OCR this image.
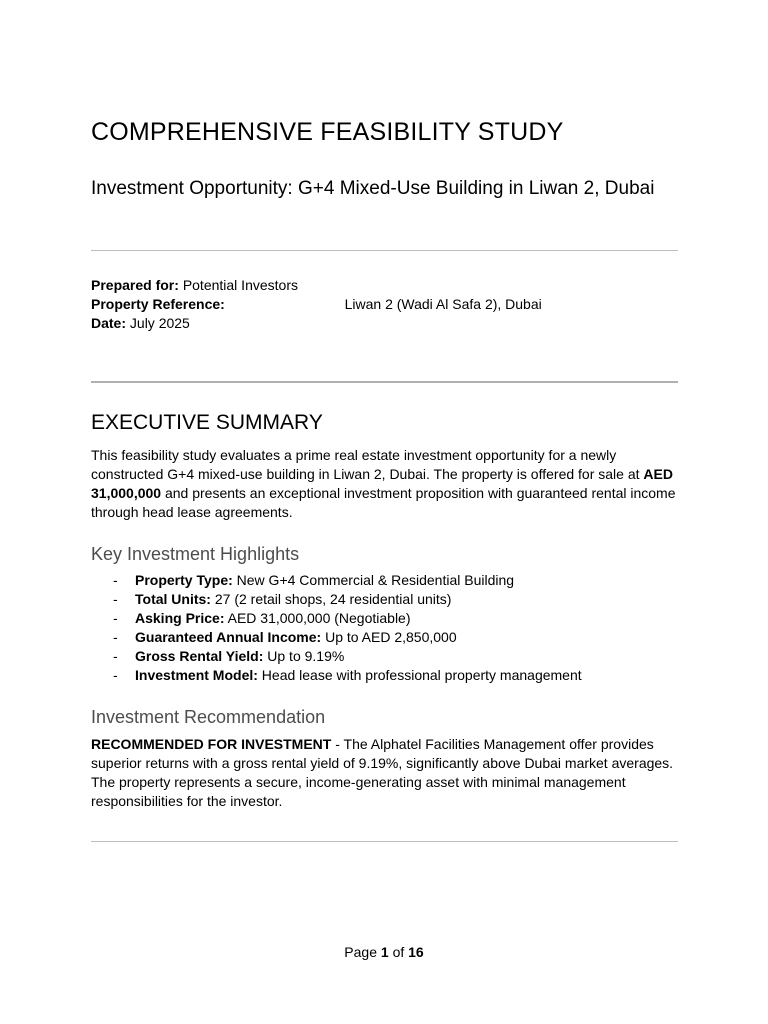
COMPREHENSIVE FEASIBILITY STUDY
Investment Opportunity: G+4 Mixed-Use Building in Liwan 2, Dubai
Prepared for: Potential Investors
Property Reference:	Liwan 2 (Wadi Al Safa 2), Dubai
Date: July 2025

EXECUTIVE SUMMARY
This feasibility study evaluates a prime real estate investment opportunity for a newly constructed G+4 mixed-use building in Liwan 2, Dubai. The property is offered for sale at AED 31,000,000 and presents an exceptional investment proposition with guaranteed rental income through head lease agreements.
Key Investment Highlights
- Property Type: New G+4 Commercial & Residential Building
- Total Units: 27 (2 retail shops, 24 residential units)
- Asking Price: AED 31,000,000 (Negotiable)
- Guaranteed Annual Income: Up to AED 2,850,000
- Gross Rental Yield: Up to 9.19%
- Investment Model: Head lease with professional property management
Investment Recommendation
RECOMMENDED FOR INVESTMENT - The Alphatel Facilities Management offer provides superior returns with a gross rental yield of 9.19%, significantly above Dubai market averages. The property represents a secure, income-generating asset with minimal management responsibilities for the investor.
Page 1 of 16
